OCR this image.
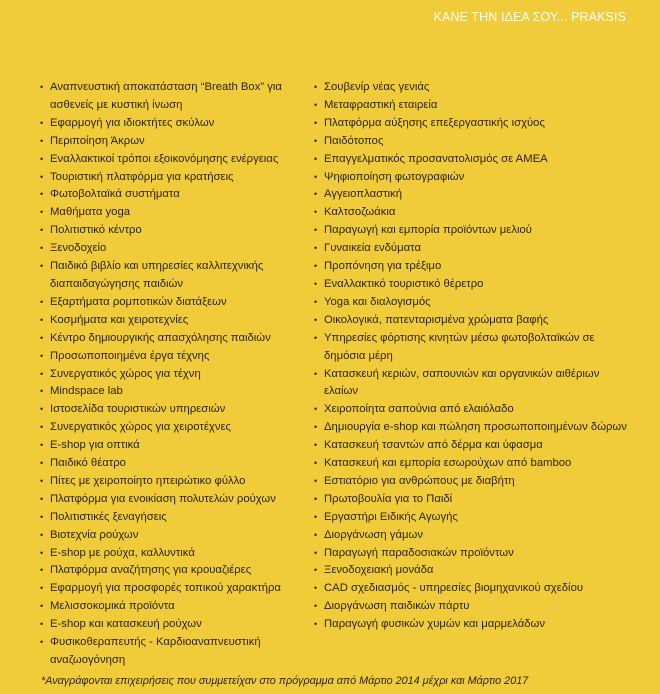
ΚΑΝΕ ΤΗΝ ΙΔΕΑ ΣΟΥ... PRAKSIS
• Αναπνευστική αποκατάσταση “Breath Box” για ασθενείς με κυστική ίνωση
• Εφαρμογή για ιδιοκτήτες σκύλων
• Περιποίηση Άκρων
• Εναλλακτικοί τρόποι εξοικονόμησης ενέργειας
• Τουριστική πλατφόρμα για κρατήσεις
• Φωτοβολταϊκά συστήματα
• Μαθήματα yoga
• Πολιτιστικό κέντρο
• Ξενοδοχείο
• Παιδικό βιβλίο και υπηρεσίες καλλιτεχνικής διαπαιδαγώγησης παιδιών
• Εξαρτήματα ρομποτικών διατάξεων
• Κοσμήματα και χειροτεχνίες
• Κέντρο δημιουργικής απασχόλησης παιδιών
• Προσωποποιημένα έργα τέχνης
• Συνεργατικός χώρος για τέχνη
• Mindspace lab
• Ιστοσελίδα τουριστικών υπηρεσιών
• Συνεργατικός χώρος για χειροτέχνες
• E-shop για οπτικά
• Παιδικό θέατρο
• Πίτες με χειροποίητο ηπειρώτικο φύλλο
• Πλατφόρμα για ενοικίαση πολυτελών ρούχων
• Πολιτιστικές ξεναγήσεις
• Βιοτεχνία ρούχων
• E-shop με ρούχα, καλλυντικά
• Πλατφόρμα αναζήτησης για κρουαζιέρες
• Εφαρμογή για προσφορές τοπικού χαρακτήρα
• Μελισσοκομικά προϊόντα
• E-shop και κατασκευή ρούχων
• Φυσικοθεραπευτής - Καρδιοαναπνευστική αναζωογόνηση
• Σουβενίρ νέας γενιάς
• Μεταφραστική εταιρεία
• Πλατφόρμα αύξησης επεξεργαστικής ισχύος
• Παιδότοπος
• Επαγγελματικός προσανατολισμός σε ΑΜΕΑ
• Ψηφιοποίηση φωτογραφιών
• Αγγειοπλαστική
• Καλτσοζωάκια
• Παραγωγή και εμπορία προϊόντων μελιού
• Γυναικεία ενδύματα
• Προπόνηση για τρέξιμο
• Εναλλακτικό τουριστικό θέρετρο
• Yoga και διαλογισμός
• Οικολογικά, πατενταρισμένα χρώματα βαφής
• Υπηρεσίες φόρτισης κινητών μέσω φωτοβολταϊκών σε δημόσια μέρη
• Κατασκευή κεριών, σαπουνιών και οργανικών αιθέριων ελαίων
• Χειροποίητα σαπούνια από ελαιόλαδο
• Δημιουργία e-shop και πώληση προσωποποιημένων δώρων
• Κατασκευή τσαντών από δέρμα και ύφασμα
• Κατασκευή και εμπορία εσωρούχων από bamboo
• Εστιατόριο για ανθρώπους με διαβήτη
• Πρωτοβουλία για το Παιδί
• Εργαστήρι Ειδικής Αγωγής
• Διοργάνωση γάμων
• Παραγωγή παραδοσιακών προϊόντων
• Ξενοδοχειακή μονάδα
• CAD σχεδιασμός - υπηρεσίες βιομηχανικού σχεδίου
• Διοργάνωση παιδικών πάρτυ
• Παραγωγή φυσικών χυμών και μαρμελάδων
*Αναγράφονται επιχειρήσεις που συμμετείχαν στο πρόγραμμα από Μάρτιο 2014 μέχρι και Μάρτιο 2017
